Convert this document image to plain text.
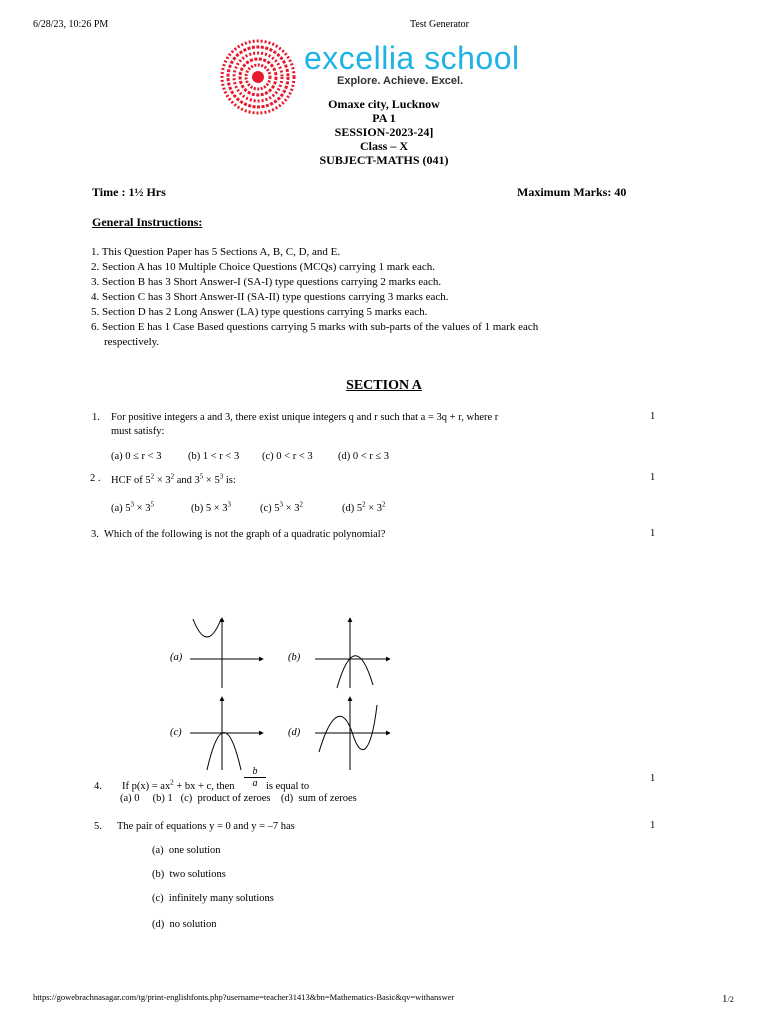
6/28/23, 10:26 PM	Test Generator
excellia school
Explore. Achieve. Excel.
Omaxe city, Lucknow
PA 1
SESSION-2023-24]
Class – X
SUBJECT-MATHS (041)
Time : 1½ Hrs	Maximum Marks: 40
General Instructions:
1. This Question Paper has 5 Sections A, B, C, D, and E.
2. Section A has 10 Multiple Choice Questions (MCQs) carrying 1 mark each.
3. Section B has 3 Short Answer-I (SA-I) type questions carrying 2 marks each.
4. Section C has 3 Short Answer-II (SA-II) type questions carrying 3 marks each.
5. Section D has 2 Long Answer (LA) type questions carrying 5 marks each.
6. Section E has 1 Case Based questions carrying 5 marks with sub-parts of the values of 1 mark each
respectively.
SECTION A
1. For positive integers a and 3, there exist unique integers q and r such that a = 3q + r, where r
must satisfy:
1
(a) 0 ≤ r < 3	(b) 1 < r < 3 (c) 0 < r < 3 (d) 0 < r ≤ 3
2 . HCF of $5^2 \times 3^2$ and $3^5 \times 5^3$ is:	1
(a) $5^3 \times 3^5$	(b) $5 \times 3^3$	(c) $5^3 \times 3^2$	(d) $5^2 \times 3^2$
3. Which of the following is not the graph of a quadratic polynomial?	1
(a)	(b)
(c)	(d)
4. If $p(x) = ax^2$ + bx + c, then $\frac{b}{a}$ is equal to
1
(a) 0     (b) 1   (c)  product of zeroes    (d)  sum of zeroes
5. The pair of equations y = 0 and y = –7 has	1
(a)  one solution
(b)  two solutions
(c)  infinitely many solutions
(d)  no solution
https://gowebrachnasagar.com/tg/print-englishfonts.php?username=teacher31413&bn=Mathematics-Basic&qv=withanswer	1/2
